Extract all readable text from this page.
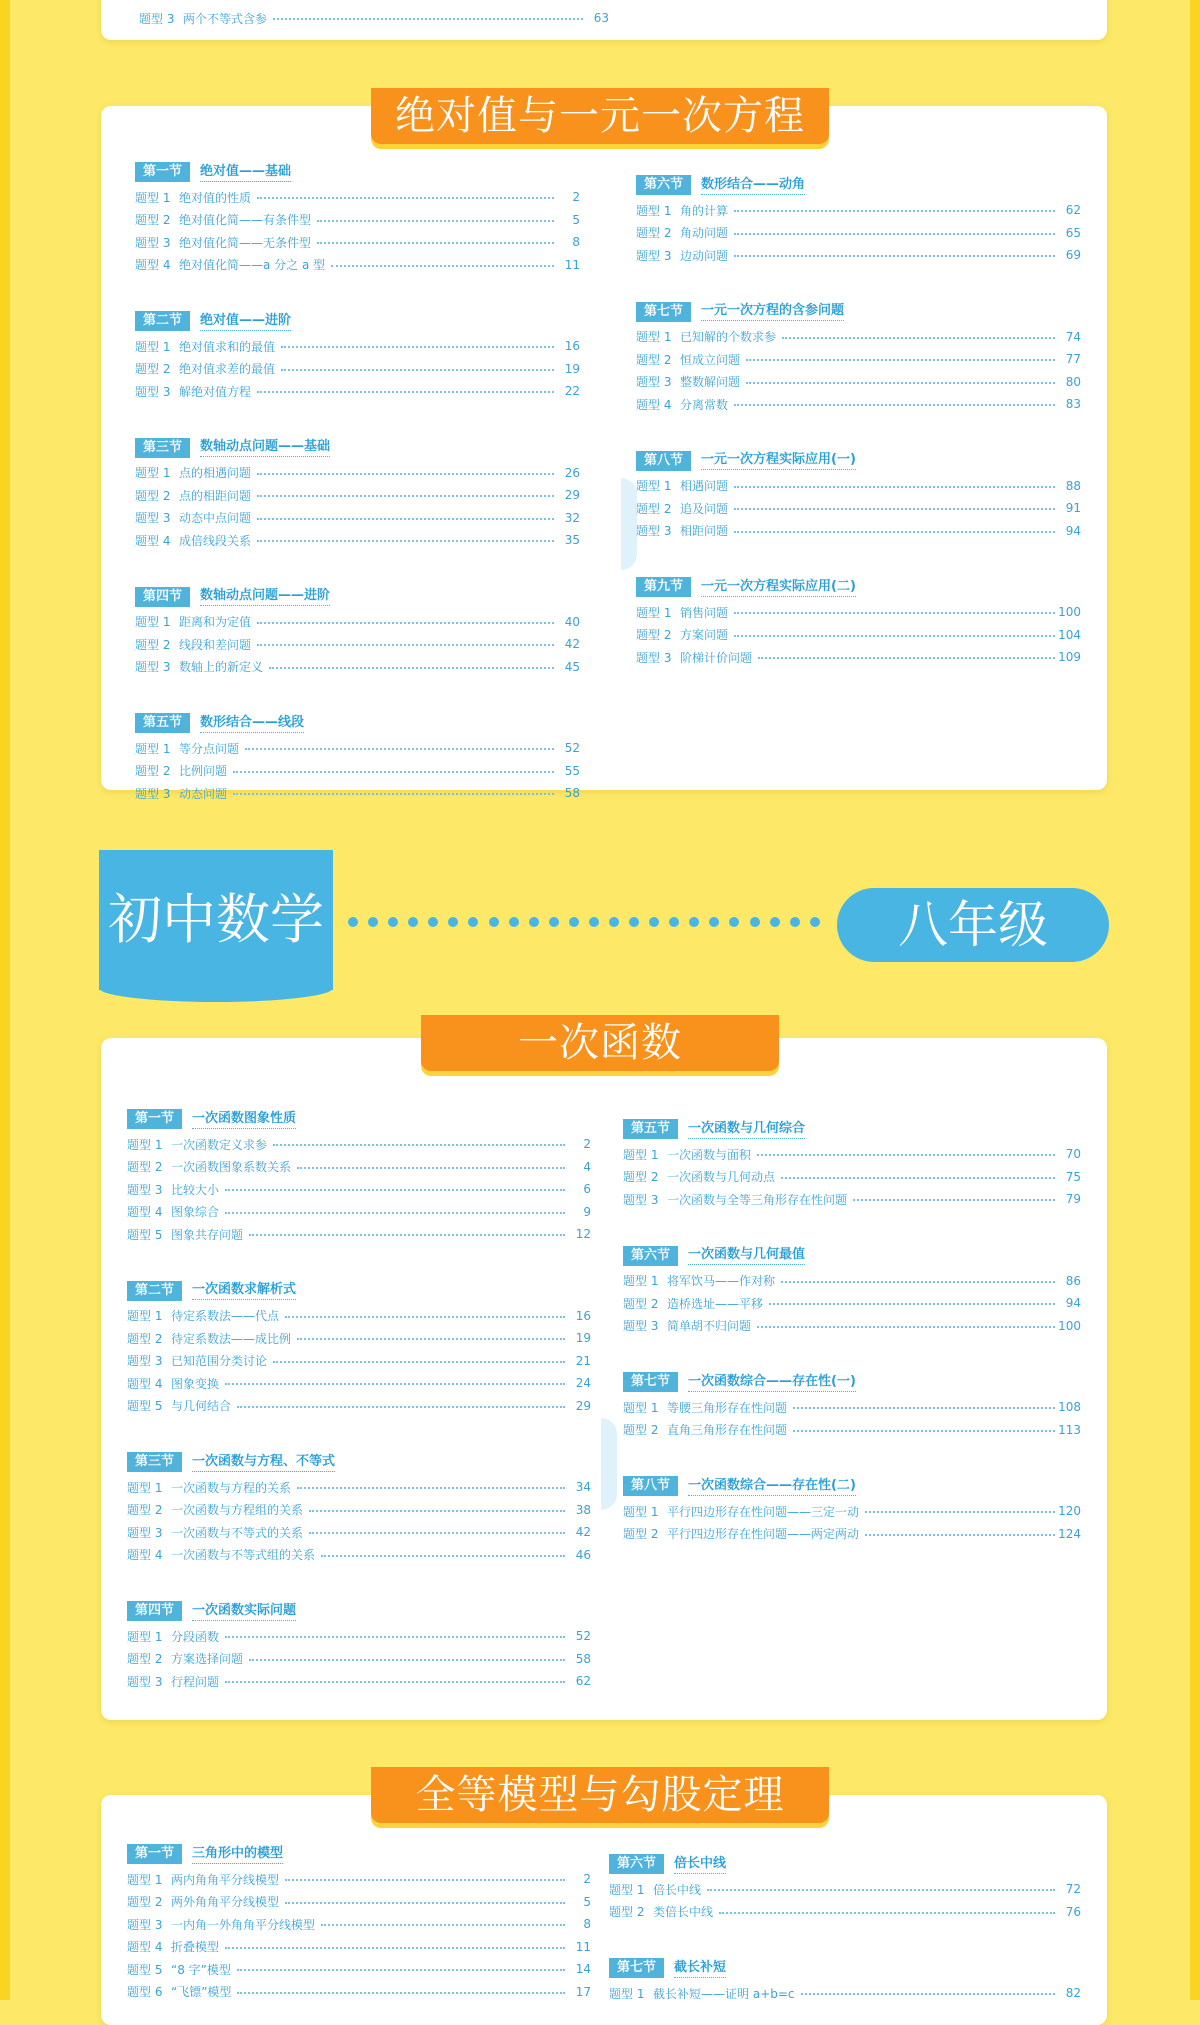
题型 3 两个不等式含参	63
第一节	绝对值——基础
题型 1 绝对值的性质	2
题型 2 绝对值化简——有条件型	5
题型 3 绝对值化简——无条件型	8
题型 4 绝对值化简——a 分之 a 型	11
第二节	绝对值——进阶
题型 1 绝对值求和的最值	16
题型 2 绝对值求差的最值	19
题型 3 解绝对值方程	22
第三节	数轴动点问题——基础
题型 1 点的相遇问题	26
题型 2 点的相距问题	29
题型 3 动态中点问题	32
题型 4 成倍线段关系	35
第四节	数轴动点问题——进阶
题型 1 距离和为定值	40
题型 2 线段和差问题	42
题型 3 数轴上的新定义	45
第五节	数形结合——线段
题型 1 等分点问题	52
题型 2 比例问题	55
题型 3 动态问题	58
第六节	数形结合——动角
题型 1 角的计算	62
题型 2 角动问题	65
题型 3 边动问题	69
第七节	一元一次方程的含参问题
题型 1 已知解的个数求参	74
题型 2 恒成立问题	77
题型 3 整数解问题	80
题型 4 分离常数	83
第八节	一元一次方程实际应用(一)
题型 1 相遇问题	88
题型 2 追及问题	91
题型 3 相距问题	94
第九节	一元一次方程实际应用(二)
题型 1 销售问题	100
题型 2 方案问题	104
题型 3 阶梯计价问题	109
绝对值与一元一次方程
初中数学	八年级
第一节	一次函数图象性质
题型 1 一次函数定义求参	2
题型 2 一次函数图象系数关系	4
题型 3 比较大小	6
题型 4 图象综合	9
题型 5 图象共存问题	12
第二节	一次函数求解析式
题型 1 待定系数法——代点	16
题型 2 待定系数法——成比例	19
题型 3 已知范围分类讨论	21
题型 4 图象变换	24
题型 5 与几何结合	29
第三节	一次函数与方程、不等式
题型 1 一次函数与方程的关系	34
题型 2 一次函数与方程组的关系	38
题型 3 一次函数与不等式的关系	42
题型 4 一次函数与不等式组的关系	46
第四节	一次函数实际问题
题型 1 分段函数	52
题型 2 方案选择问题	58
题型 3 行程问题	62
第五节	一次函数与几何综合
题型 1 一次函数与面积	70
题型 2 一次函数与几何动点	75
题型 3 一次函数与全等三角形存在性问题	79
第六节	一次函数与几何最值
题型 1 将军饮马——作对称	86
题型 2 造桥选址——平移	94
题型 3 简单胡不归问题	100
第七节	一次函数综合——存在性(一)
题型 1 等腰三角形存在性问题	108
题型 2 直角三角形存在性问题	113
第八节	一次函数综合——存在性(二)
题型 1 平行四边形存在性问题——三定一动	120
题型 2 平行四边形存在性问题——两定两动	124
一次函数
第一节	三角形中的模型
题型 1 两内角角平分线模型	2
题型 2 两外角角平分线模型	5
题型 3 一内角一外角角平分线模型	8
题型 4 折叠模型	11
题型 5 “8 字”模型	14
题型 6 “飞镖”模型	17
第六节	倍长中线
题型 1 倍长中线	72
题型 2 类倍长中线	76
第七节	截长补短
题型 1 截长补短——证明 a+b=c	82
全等模型与勾股定理
